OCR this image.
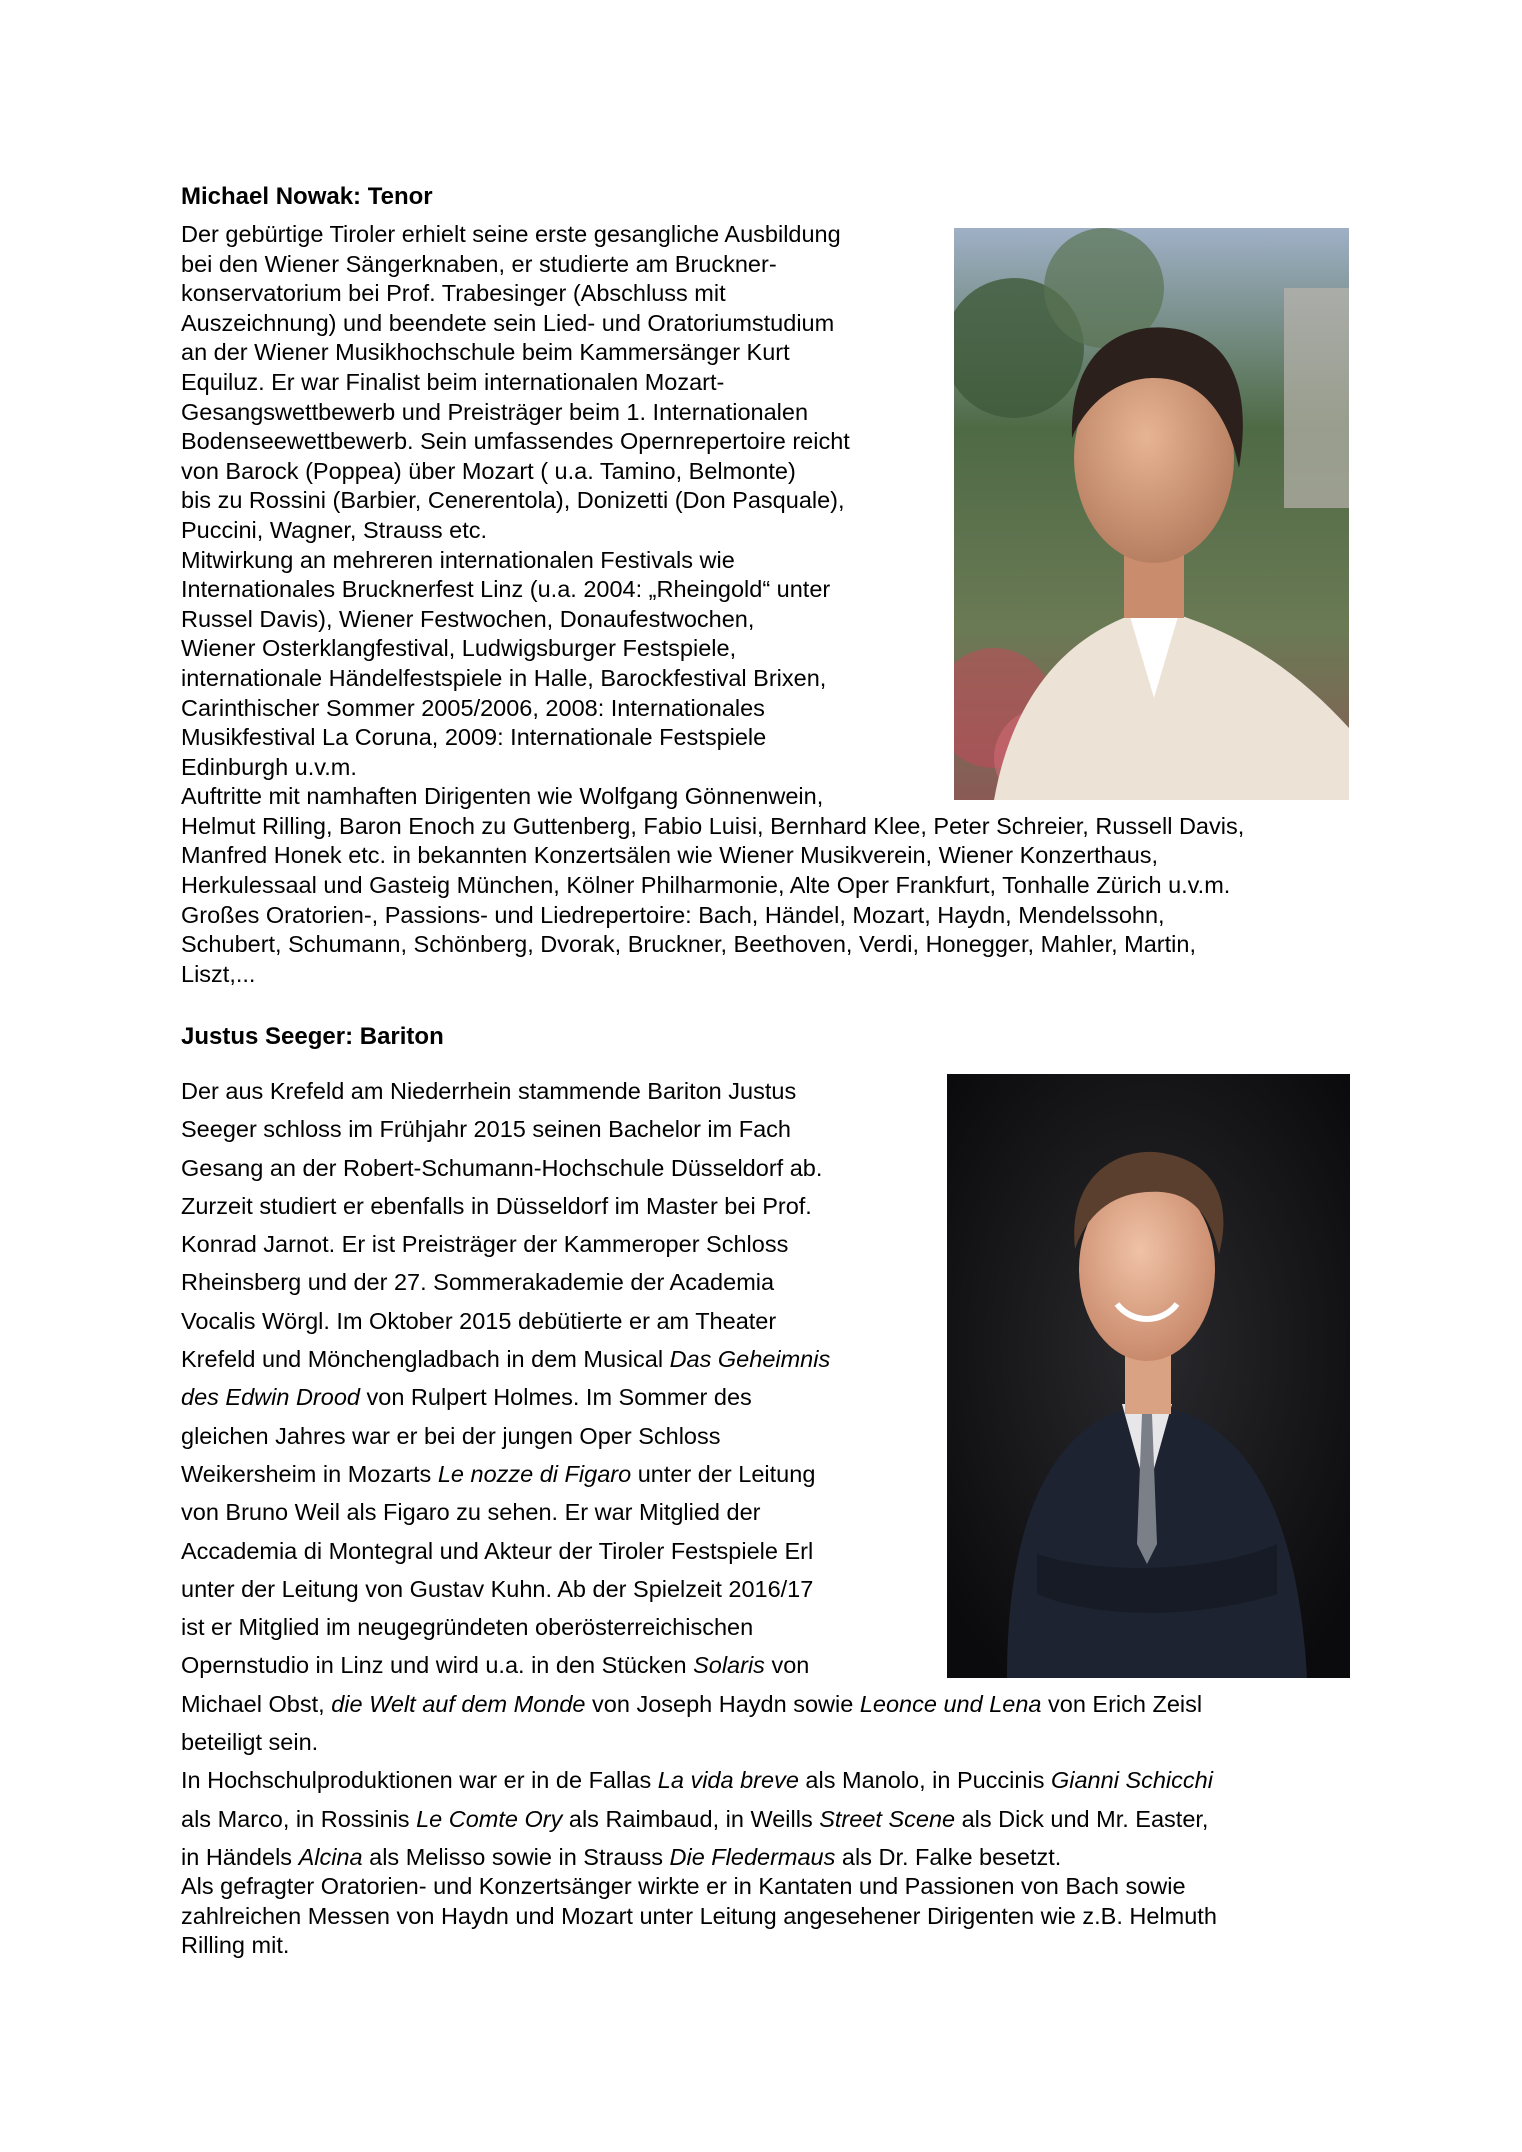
Michael Nowak: Tenor

Der gebürtige Tiroler erhielt seine erste gesangliche Ausbildung
bei den Wiener Sängerknaben, er studierte am Bruckner-
konservatorium bei Prof. Trabesinger (Abschluss mit
Auszeichnung) und beendete sein Lied- und Oratoriumstudium
an der Wiener Musikhochschule beim Kammersänger Kurt
Equiluz. Er war Finalist beim internationalen Mozart-
Gesangswettbewerb und Preisträger beim 1. Internationalen
Bodenseewettbewerb. Sein umfassendes Opernrepertoire reicht
von Barock (Poppea) über Mozart ( u.a. Tamino, Belmonte)
bis zu Rossini (Barbier, Cenerentola), Donizetti (Don Pasquale),
Puccini, Wagner, Strauss etc.
Mitwirkung an mehreren internationalen Festivals wie
Internationales Brucknerfest Linz (u.a. 2004: „Rheingold“ unter
Russel Davis), Wiener Festwochen, Donaufestwochen,
Wiener Osterklangfestival, Ludwigsburger Festspiele,
internationale Händelfestspiele in Halle, Barockfestival Brixen,
Carinthischer Sommer 2005/2006, 2008: Internationales
Musikfestival La Coruna, 2009: Internationale Festspiele
Edinburgh u.v.m.
Auftritte mit namhaften Dirigenten wie Wolfgang Gönnenwein,
Helmut Rilling, Baron Enoch zu Guttenberg, Fabio Luisi, Bernhard Klee, Peter Schreier, Russell Davis,
Manfred Honek etc. in bekannten Konzertsälen wie Wiener Musikverein, Wiener Konzerthaus,
Herkulessaal und Gasteig München, Kölner Philharmonie, Alte Oper Frankfurt, Tonhalle Zürich u.v.m.
Großes Oratorien-, Passions- und Liedrepertoire: Bach, Händel, Mozart, Haydn, Mendelssohn,
Schubert, Schumann, Schönberg, Dvorak, Bruckner, Beethoven, Verdi, Honegger, Mahler, Martin,
Liszt,...

Justus Seeger: Bariton

Der aus Krefeld am Niederrhein stammende Bariton Justus
Seeger schloss im Frühjahr 2015 seinen Bachelor im Fach
Gesang an der Robert-Schumann-Hochschule Düsseldorf ab.
Zurzeit studiert er ebenfalls in Düsseldorf im Master bei Prof.
Konrad Jarnot. Er ist Preisträger der Kammeroper Schloss
Rheinsberg und der 27. Sommerakademie der Academia
Vocalis Wörgl. Im Oktober 2015 debütierte er am Theater
Krefeld und Mönchengladbach in dem Musical Das Geheimnis
des Edwin Drood von Rulpert Holmes. Im Sommer des
gleichen Jahres war er bei der jungen Oper Schloss
Weikersheim in Mozarts Le nozze di Figaro unter der Leitung
von Bruno Weil als Figaro zu sehen. Er war Mitglied der
Accademia di Montegral und Akteur der Tiroler Festspiele Erl
unter der Leitung von Gustav Kuhn. Ab der Spielzeit 2016/17
ist er Mitglied im neugegründeten oberösterreichischen
Opernstudio in Linz und wird u.a. in den Stücken Solaris von
Michael Obst, die Welt auf dem Monde von Joseph Haydn sowie Leonce und Lena von Erich Zeisl
beteiligt sein.
In Hochschulproduktionen war er in de Fallas La vida breve als Manolo, in Puccinis Gianni Schicchi
als Marco, in Rossinis Le Comte Ory als Raimbaud, in Weills Street Scene als Dick und Mr. Easter,
in Händels Alcina als Melisso sowie in Strauss Die Fledermaus als Dr. Falke besetzt.

Als gefragter Oratorien- und Konzertsänger wirkte er in Kantaten und Passionen von Bach sowie
zahlreichen Messen von Haydn und Mozart unter Leitung angesehener Dirigenten wie z.B. Helmuth
Rilling mit.
